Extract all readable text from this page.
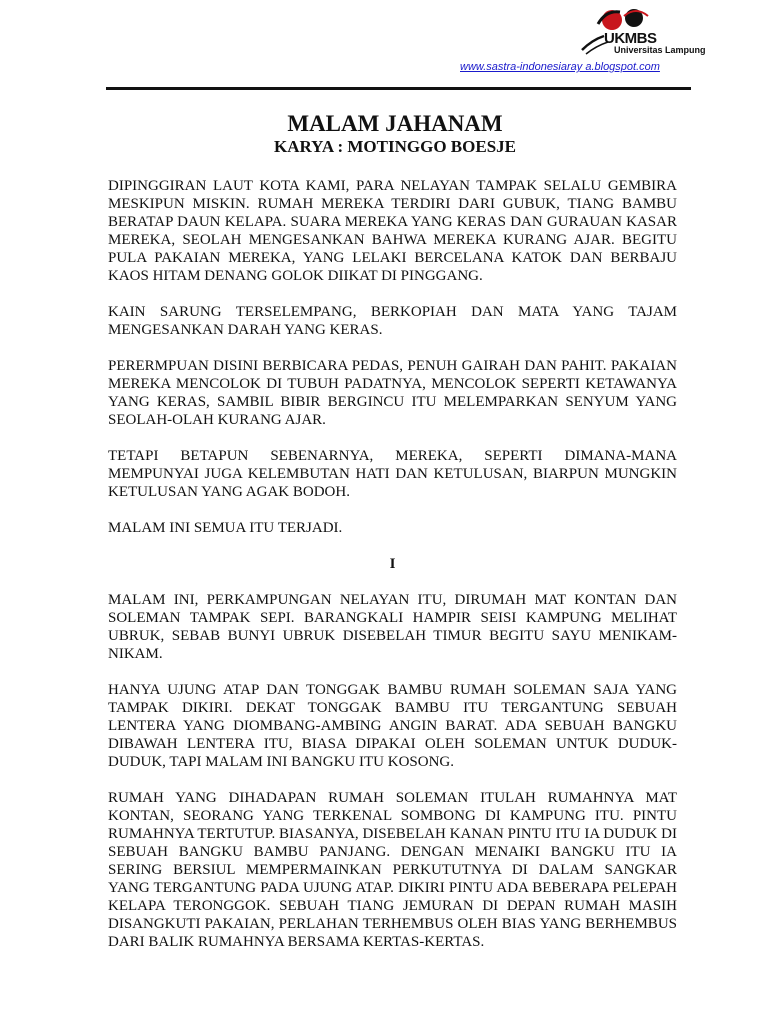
UKMBS
Universitas Lampung
www.sastra-indonesiaray a.blogspot.com
MALAM JAHANAM
KARYA : MOTINGGO BOESJE

DIPINGGIRAN LAUT KOTA KAMI, PARA NELAYAN TAMPAK SELALU GEMBIRA MESKIPUN MISKIN. RUMAH MEREKA TERDIRI DARI GUBUK, TIANG BAMBU BERATAP DAUN KELAPA. SUARA MEREKA YANG KERAS DAN GURAUAN KASAR MEREKA, SEOLAH MENGESANKAN BAHWA MEREKA KURANG AJAR. BEGITU PULA PAKAIAN MEREKA, YANG LELAKI BERCELANA KATOK DAN BERBAJU KAOS HITAM DENANG GOLOK DIIKAT DI PINGGANG.

KAIN SARUNG TERSELEMPANG, BERKOPIAH DAN MATA YANG TAJAM MENGESANKAN DARAH YANG KERAS.

PERERMPUAN DISINI BERBICARA PEDAS, PENUH GAIRAH DAN PAHIT. PAKAIAN MEREKA MENCOLOK DI TUBUH PADATNYA, MENCOLOK SEPERTI KETAWANYA YANG KERAS, SAMBIL BIBIR BERGINCU ITU MELEMPARKAN SENYUM YANG SEOLAH-OLAH KURANG AJAR.

TETAPI BETAPUN SEBENARNYA, MEREKA, SEPERTI DIMANA-MANA MEMPUNYAI JUGA KELEMBUTAN HATI DAN KETULUSAN, BIARPUN MUNGKIN KETULUSAN YANG AGAK BODOH.

MALAM INI SEMUA ITU TERJADI.

I

MALAM INI, PERKAMPUNGAN NELAYAN ITU, DIRUMAH MAT KONTAN DAN SOLEMAN TAMPAK SEPI. BARANGKALI HAMPIR SEISI KAMPUNG MELIHAT UBRUK, SEBAB BUNYI UBRUK DISEBELAH TIMUR BEGITU SAYU MENIKAM-NIKAM.

HANYA UJUNG ATAP DAN TONGGAK BAMBU RUMAH SOLEMAN SAJA YANG TAMPAK DIKIRI. DEKAT TONGGAK BAMBU ITU TERGANTUNG SEBUAH LENTERA YANG DIOMBANG-AMBING ANGIN BARAT. ADA SEBUAH BANGKU DIBAWAH LENTERA ITU, BIASA DIPAKAI OLEH SOLEMAN UNTUK DUDUK-DUDUK, TAPI MALAM INI BANGKU ITU KOSONG.

RUMAH YANG DIHADAPAN RUMAH SOLEMAN ITULAH RUMAHNYA MAT KONTAN, SEORANG YANG TERKENAL SOMBONG DI KAMPUNG ITU. PINTU RUMAHNYA TERTUTUP. BIASANYA, DISEBELAH KANAN PINTU ITU IA DUDUK DI SEBUAH BANGKU BAMBU PANJANG. DENGAN MENAIKI BANGKU ITU IA SERING BERSIUL MEMPERMAINKAN PERKUTUTNYA DI DALAM SANGKAR YANG TERGANTUNG PADA UJUNG ATAP. DIKIRI PINTU ADA BEBERAPA PELEPAH KELAPA TERONGGOK. SEBUAH TIANG JEMURAN DI DEPAN RUMAH MASIH DISANGKUTI PAKAIAN, PERLAHAN TERHEMBUS OLEH BIAS YANG BERHEMBUS DARI BALIK RUMAHNYA BERSAMA KERTAS-KERTAS.
